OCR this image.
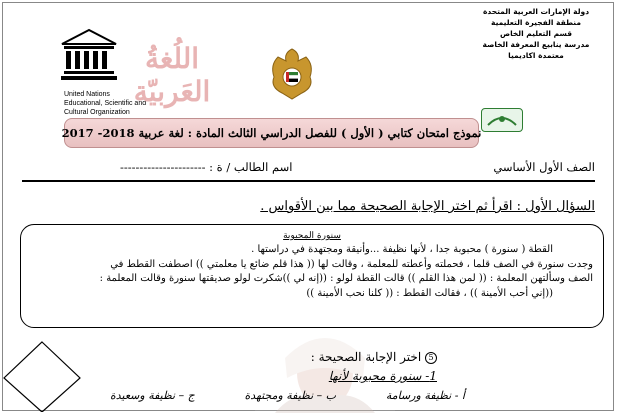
دولة الإمارات العربية المتحدة
منطقة الفجيرة التعليمية
قسم التعليم الخاص
مدرسة ينابيع المعرفة الخاصة
معتمدة اكاديميا
United Nations
Educational, Scientific and
Cultural Organization
اللُغةُ العَربيّة
نموذج امتحان كتابي ( الأول ) للفصل الدراسي الثالث المادة : لغة عربية 2018- 2017
الصف الأول الأساسي
اسم الطالب / ة : ----------------------
السؤال الأول : اقرأ ثم اختر الإجابة الصحيحة مما بين الأقواس .
سنورة المحبوبة
القطة ( سنورة ) محبوبة جدا ، لأنها نظيفة ...وأنيقة ومجتهدة في دراستها .
وجدت سنورة في الصف قلما ، فحملته وأعطته للمعلمة ، وقالت لها (( هذا قلم ضائع يا معلمتي )) اصطفت القطط في
الصف وسألتهن المعلمة : (( لمن هذا القلم )) قالت القطة لولو : ((إنه لي ))شكرت لولو صديقتها سنورة وقالت المعلمة :
((إني أحب الأمينة )) ، فقالت القطط : (( كلنا نحب الأمينة ))
5 اختر الإجابة الصحيحة :
1- سنورة محبوبة لأنها
أ - نظيفة ورسامة
ب – نظيفة ومجتهدة
ج – نظيفة وسعيدة
